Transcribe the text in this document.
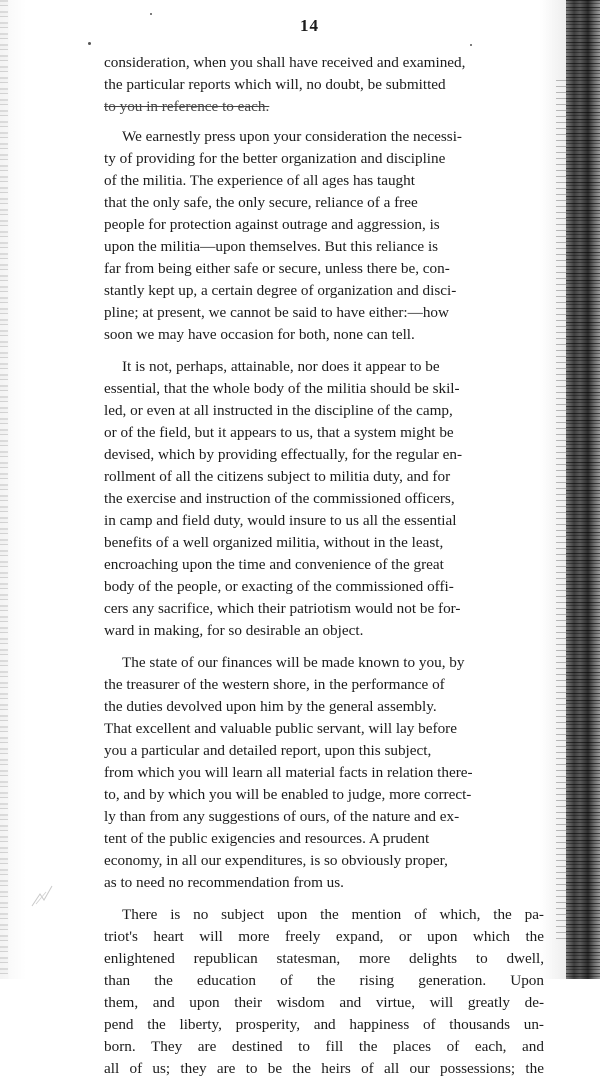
14

consideration, when you shall have received and examined,
the particular reports which will, no doubt, be submitted
to you in reference to each.

We earnestly press upon your consideration the necessi-
ty of providing for the better organization and discipline
of the militia. The experience of all ages has taught
that the only safe, the only secure, reliance of a free
people for protection against outrage and aggression, is
upon the militia—upon themselves. But this reliance is
far from being either safe or secure, unless there be, con-
stantly kept up, a certain degree of organization and disci-
pline; at present, we cannot be said to have either:—how
soon we may have occasion for both, none can tell.

It is not, perhaps, attainable, nor does it appear to be
essential, that the whole body of the militia should be skil-
led, or even at all instructed in the discipline of the camp,
or of the field, but it appears to us, that a system might be
devised, which by providing effectually, for the regular en-
rollment of all the citizens subject to militia duty, and for
the exercise and instruction of the commissioned officers,
in camp and field duty, would insure to us all the essential
benefits of a well organized militia, without in the least,
encroaching upon the time and convenience of the great
body of the people, or exacting of the commissioned offi-
cers any sacrifice, which their patriotism would not be for-
ward in making, for so desirable an object.

The state of our finances will be made known to you, by
the treasurer of the western shore, in the performance of
the duties devolved upon him by the general assembly.
That excellent and valuable public servant, will lay before
you a particular and detailed report, upon this subject,
from which you will learn all material facts in relation there-
to, and by which you will be enabled to judge, more correct-
ly than from any suggestions of ours, of the nature and ex-
tent of the public exigencies and resources. A prudent
economy, in all our expenditures, is so obviously proper,
as to need no recommendation from us.

There is no subject upon the mention of which, the pa-
triot's heart will more freely expand, or upon which the
enlightened republican statesman, more delights to dwell,
than the education of the rising generation. Upon
them, and upon their wisdom and virtue, will greatly de-
pend the liberty, prosperity, and happiness of thousands un-
born. They are destined to fill the places of each, and
all of us; they are to be the heirs of all our possessions; the
